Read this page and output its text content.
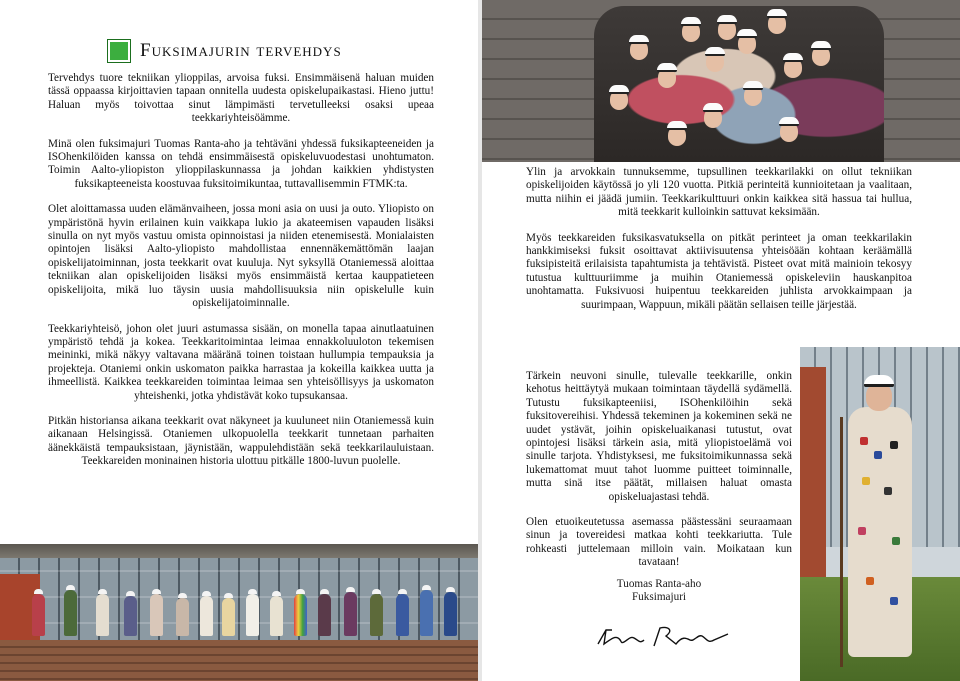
Fuksimajurin tervehdys

Tervehdys tuore tekniikan ylioppilas, arvoisa fuksi. Ensimmäisenä haluan muiden tässä oppaassa kirjoittavien tapaan onnitella uudesta opiskelupaikastasi. Hieno juttu! Haluan myös toivottaa sinut lämpimästi tervetulleeksi osaksi upeaa teekkariyhteisöämme.

Minä olen fuksimajuri Tuomas Ranta-aho ja tehtäväni yhdessä fuksikapteeneiden ja ISOhenkilöiden kanssa on tehdä ensimmäisestä opiskeluvuodestasi unohtumaton. Toimin Aalto-yliopiston ylioppilaskunnassa ja johdan kaikkien yhdistysten fuksikapteeneista koostuvaa fuksitoimikuntaa, tuttavallisemmin FTMK:ta.

Olet aloittamassa uuden elämänvaiheen, jossa moni asia on uusi ja outo. Yliopisto on ympäristönä hyvin erilainen kuin vaikkapa lukio ja akateemisen vapauden lisäksi sinulla on nyt myös vastuu omista opinnoistasi ja niiden etenemisestä. Monialaisten opintojen lisäksi Aalto-yliopisto mahdollistaa ennennäkemättömän laajan opiskelijatoiminnan, josta teekkarit ovat kuuluja. Nyt syksyllä Otaniemessä aloittaa tekniikan alan opiskelijoiden lisäksi myös ensimmäistä kertaa kauppatieteen opiskelijoita, mikä luo täysin uusia mahdollisuuksia niin opiskelulle kuin opiskelijatoiminnalle.

Teekkariyhteisö, johon olet juuri astumassa sisään, on monella tapaa ainutlaatuinen ympäristö tehdä ja kokea. Teekkaritoimintaa leimaa ennakkoluuloton tekemisen meininki, mikä näkyy valtavana määränä toinen toistaan hullumpia tempauksia ja projekteja. Otaniemi onkin uskomaton paikka harrastaa ja kokeilla kaikkea uutta ja ihmeellistä. Kaikkea teekkareiden toimintaa leimaa sen yhteisöllisyys ja uskomaton yhteishenki, jotka yhdistävät koko tupsukansaa.

Pitkän historiansa aikana teekkarit ovat näkyneet ja kuuluneet niin Otaniemessä kuin aikanaan Helsingissä. Otaniemen ulkopuolella teekkarit tunnetaan parhaiten äänekkäistä tempauksistaan, jäynistään, wappulehdistään sekä teekkarilauluistaan. Teekkareiden moninainen historia ulottuu pitkälle 1800-luvun puolelle.

Ylin ja arvokkain tunnuksemme, tupsullinen teekkarilakki on ollut tekniikan opiskelijoiden käytössä jo yli 120 vuotta. Pitkiä perinteitä kunnioitetaan ja vaalitaan, mutta niihin ei jäädä jumiin. Teekkarikulttuuri onkin kaikkea sitä hassua tai hullua, mitä teekkarit kulloinkin sattuvat keksimään.

Myös teekkareiden fuksikasvatuksella on pitkät perinteet ja oman teekkarilakin hankkimiseksi fuksit osoittavat aktiivisuutensa yhteisöään kohtaan keräämällä fuksipisteitä erilaisista tapahtumista ja tehtävistä. Pisteet ovat mitä mainioin tekosyy tutustua kulttuuriimme ja muihin Otaniemessä opiskeleviin hauskanpitoa unohtamatta. Fuksivuosi huipentuu teekkareiden juhlista arvokkaimpaan ja suurimpaan, Wappuun, mikäli päätän sellaisen teille järjestää.

Tärkein neuvoni sinulle, tulevalle teekkarille, onkin kehotus heittäytyä mukaan toimintaan täydellä sydämellä. Tutustu fuksikapteeniisi, ISOhenkilöihin sekä fuksitovereihisi. Yhdessä tekeminen ja kokeminen sekä ne uudet ystävät, joihin opiskeluaikanasi tutustut, ovat opintojesi lisäksi tärkein asia, mitä yliopistoelämä voi sinulle tarjota. Yhdistyksesi, me fuksitoimikunnassa sekä lukemattomat muut tahot luomme puitteet toiminnalle, mutta sinä itse päätät, millaisen haluat omasta opiskeluajastasi tehdä.

Olen etuoikeutetussa asemassa päästessäni seuraamaan sinun ja tovereidesi matkaa kohti teekkariutta. Tule rohkeasti juttelemaan milloin vain. Moikataan kun tavataan!

Tuomas Ranta-aho
Fuksimajuri
